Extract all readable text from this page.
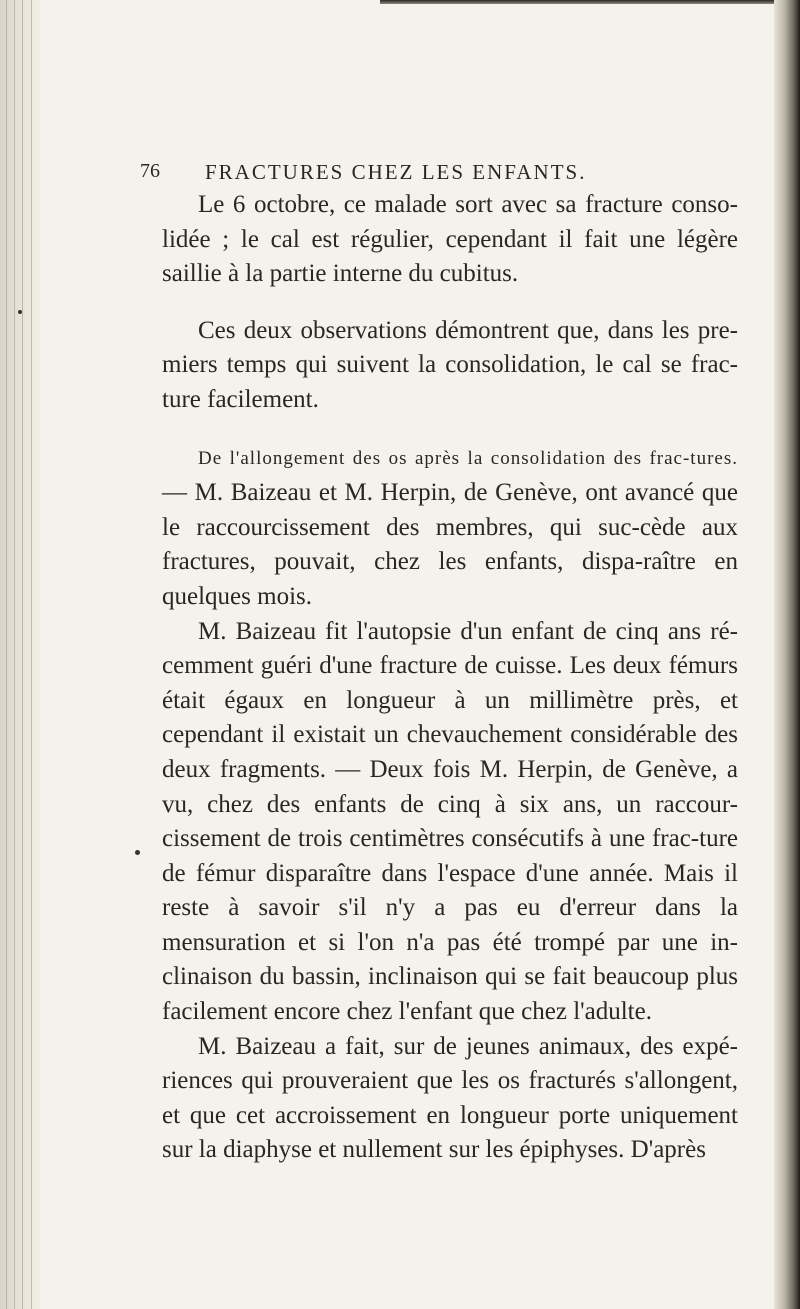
76 FRACTURES CHEZ LES ENFANTS.

Le 6 octobre, ce malade sort avec sa fracture conso-lidée ; le cal est régulier, cependant il fait une légère saillie à la partie interne du cubitus.

Ces deux observations démontrent que, dans les pre-miers temps qui suivent la consolidation, le cal se frac-ture facilement.

De l'allongement des os après la consolidation des frac-tures. — M. Baizeau et M. Herpin, de Genève, ont avancé que le raccourcissement des membres, qui suc-cède aux fractures, pouvait, chez les enfants, dispa-raître en quelques mois.

M. Baizeau fit l'autopsie d'un enfant de cinq ans ré-cemment guéri d'une fracture de cuisse. Les deux fémurs était égaux en longueur à un millimètre près, et cependant il existait un chevauchement considérable des deux fragments. — Deux fois M. Herpin, de Genève, a vu, chez des enfants de cinq à six ans, un raccour-cissement de trois centimètres consécutifs à une frac-ture de fémur disparaître dans l'espace d'une année. Mais il reste à savoir s'il n'y a pas eu d'erreur dans la mensuration et si l'on n'a pas été trompé par une in-clinaison du bassin, inclinaison qui se fait beaucoup plus facilement encore chez l'enfant que chez l'adulte.

M. Baizeau a fait, sur de jeunes animaux, des expé-riences qui prouveraient que les os fracturés s'allongent, et que cet accroissement en longueur porte uniquement sur la diaphyse et nullement sur les épiphyses. D'après
